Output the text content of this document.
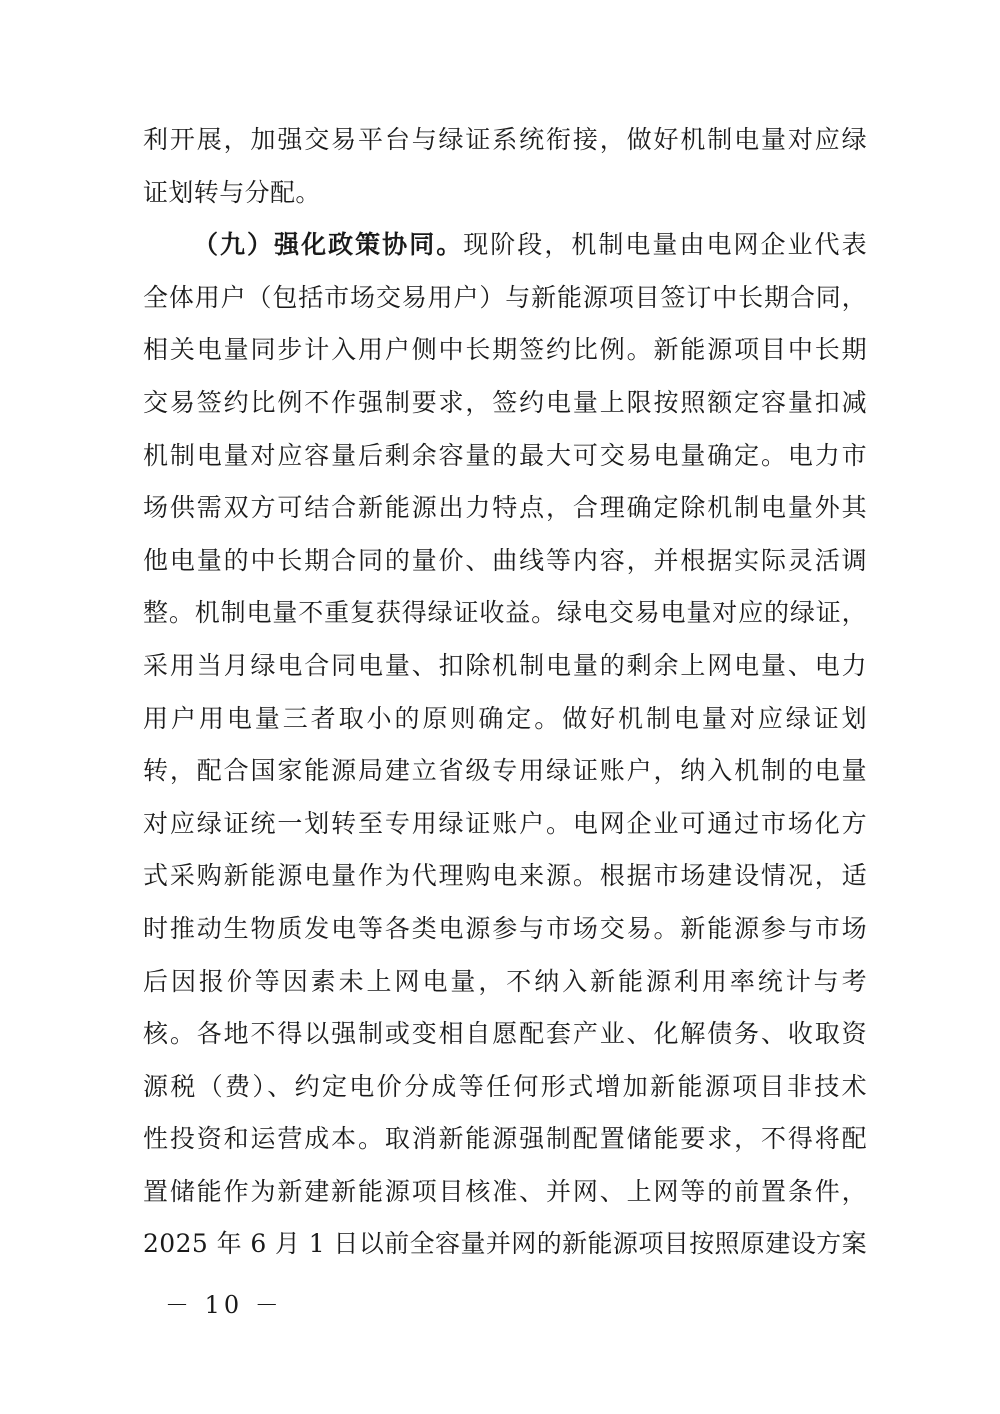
利开展，加强交易平台与绿证系统衔接，做好机制电量对应绿
证划转与分配。
（九）强化政策协同。现阶段，机制电量由电网企业代表
全体用户（包括市场交易用户）与新能源项目签订中长期合同，
相关电量同步计入用户侧中长期签约比例。新能源项目中长期
交易签约比例不作强制要求，签约电量上限按照额定容量扣减
机制电量对应容量后剩余容量的最大可交易电量确定。电力市
场供需双方可结合新能源出力特点，合理确定除机制电量外其
他电量的中长期合同的量价、曲线等内容，并根据实际灵活调
整。机制电量不重复获得绿证收益。绿电交易电量对应的绿证，
采用当月绿电合同电量、扣除机制电量的剩余上网电量、电力
用户用电量三者取小的原则确定。做好机制电量对应绿证划
转，配合国家能源局建立省级专用绿证账户，纳入机制的电量
对应绿证统一划转至专用绿证账户。电网企业可通过市场化方
式采购新能源电量作为代理购电来源。根据市场建设情况，适
时推动生物质发电等各类电源参与市场交易。新能源参与市场
后因报价等因素未上网电量，不纳入新能源利用率统计与考
核。各地不得以强制或变相自愿配套产业、化解债务、收取资
源税（费）、约定电价分成等任何形式增加新能源项目非技术
性投资和运营成本。取消新能源强制配置储能要求，不得将配
置储能作为新建新能源项目核准、并网、上网等的前置条件，
2025 年 6 月 1 日以前全容量并网的新能源项目按照原建设方案
－ 10 －
